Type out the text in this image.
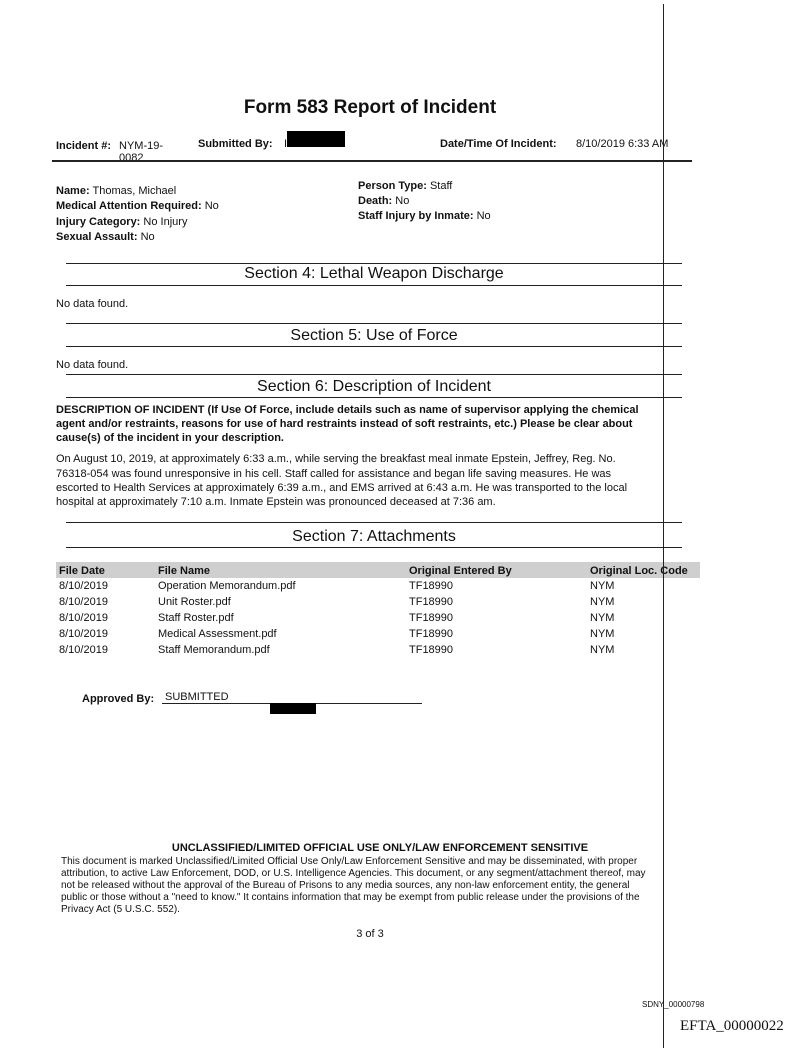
Form 583 Report of Incident
Incident #: NYM-19-
0082
Submitted By: I	Date/Time Of Incident: 8/10/2019 6:33 AM
Name: Thomas, Michael
Medical Attention Required: No
Injury Category: No Injury
Sexual Assault: No
Person Type: Staff
Death: No
Staff Injury by Inmate: No
Section 4: Lethal Weapon Discharge
No data found.
Section 5: Use of Force
No data found.
Section 6: Description of Incident
DESCRIPTION OF INCIDENT (If Use Of Force, include details such as name of supervisor applying the chemical
agent and/or restraints, reasons for use of hard restraints instead of soft restraints, etc.) Please be clear about
cause(s) of the incident in your description.
On August 10, 2019, at approximately 6:33 a.m., while serving the breakfast meal inmate Epstein, Jeffrey, Reg. No.
76318-054 was found unresponsive in his cell. Staff called for assistance and began life saving measures. He was
escorted to Health Services at approximately 6:39 a.m., and EMS arrived at 6:43 a.m. He was transported to the local
hospital at approximately 7:10 a.m. Inmate Epstein was pronounced deceased at 7:36 am.
Section 7: Attachments
File Date	File Name	Original Entered By	Original Loc. Code
8/10/2019	Operation Memorandum.pdf	TF18990	NYM
8/10/2019	Unit Roster.pdf	TF18990	NYM
8/10/2019	Staff Roster.pdf	TF18990	NYM
8/10/2019	Medical Assessment.pdf	TF18990	NYM
8/10/2019	Staff Memorandum.pdf	TF18990	NYM
Approved By: SUBMITTED
UNCLASSIFIED/LIMITED OFFICIAL USE ONLY/LAW ENFORCEMENT SENSITIVE
This document is marked Unclassified/Limited Official Use Only/Law Enforcement Sensitive and may be disseminated, with proper
attribution, to active Law Enforcement, DOD, or U.S. Intelligence Agencies. This document, or any segment/attachment thereof, may
not be released without the approval of the Bureau of Prisons to any media sources, any non-law enforcement entity, the general
public or those without a "need to know." It contains information that may be exempt from public release under the provisions of the
Privacy Act (5 U.S.C. 552).
3 of 3
SDNY_00000798
EFTA_00000022
